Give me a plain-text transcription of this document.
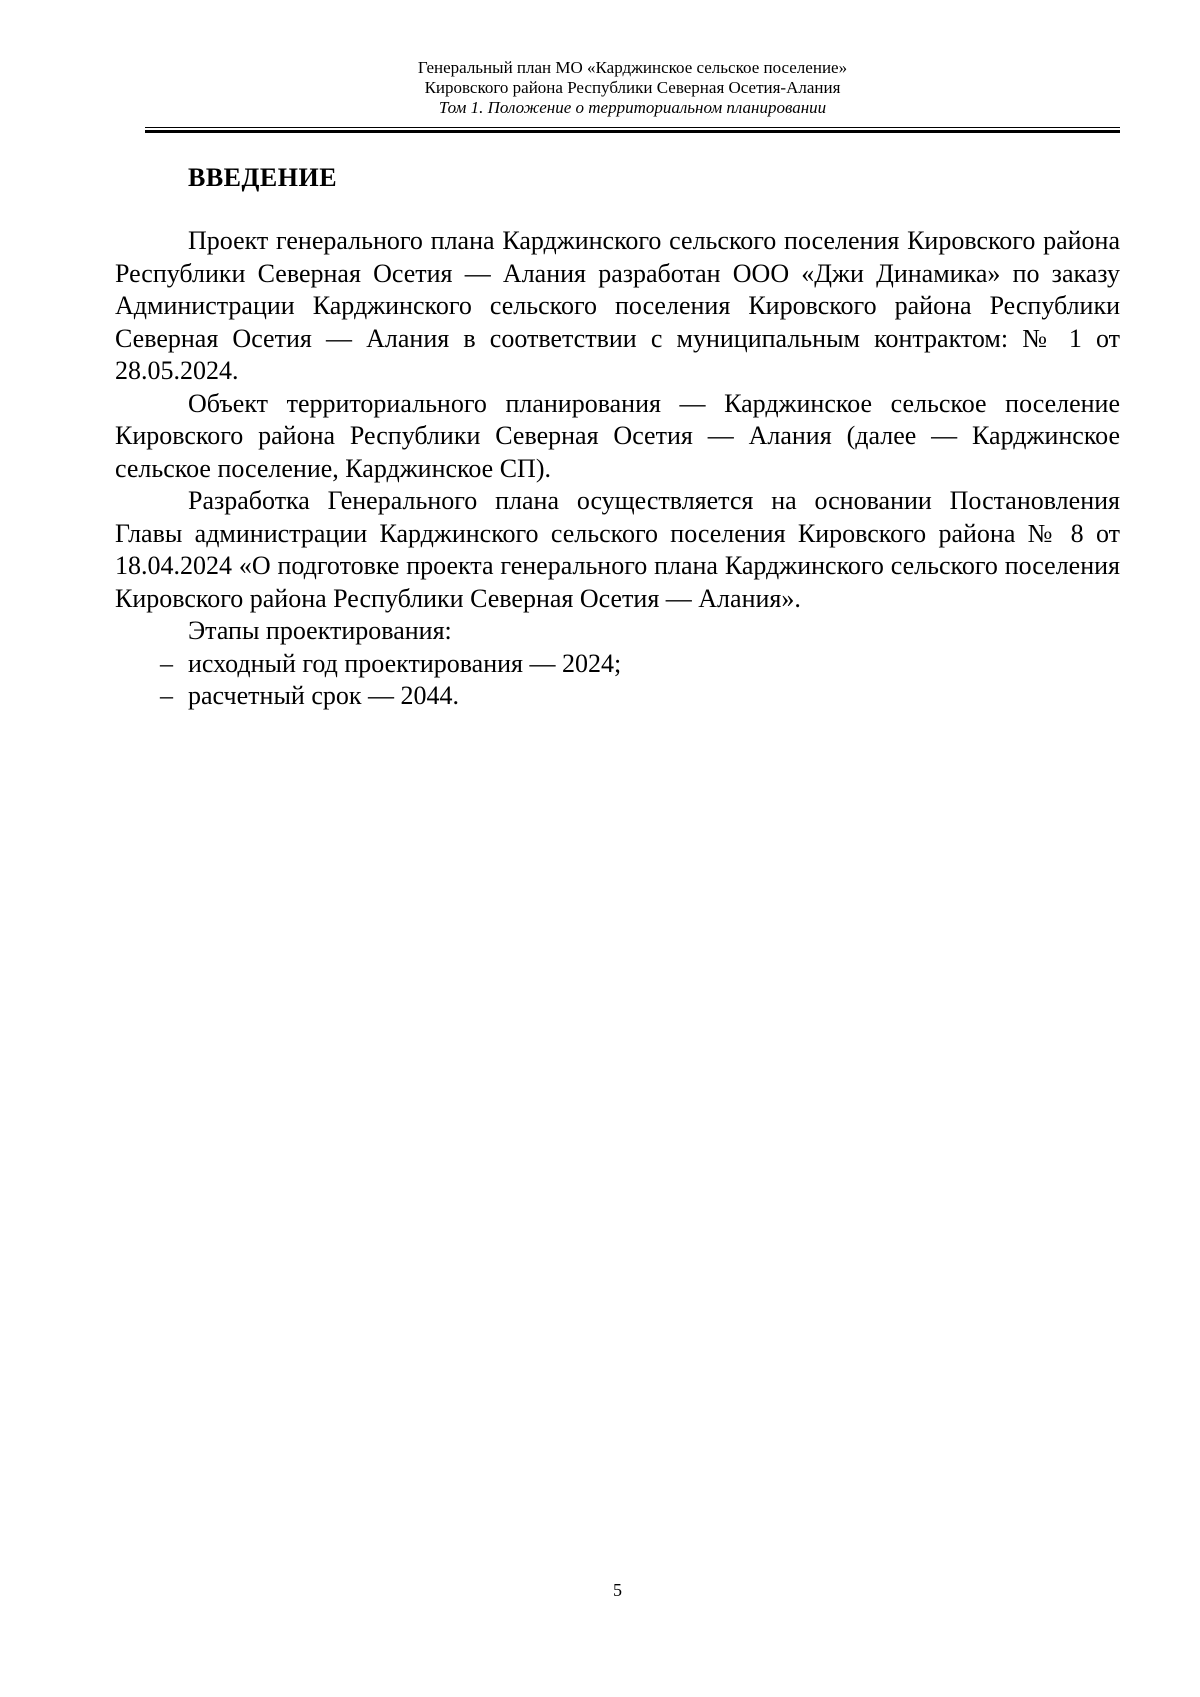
Генеральный план МО «Карджинское сельское поселение»
Кировского района Республики Северная Осетия-Алания
Том 1. Положение о территориальном планировании
ВВЕДЕНИЕ

Проект генерального плана Карджинского сельского поселения Кировского района Республики Северная Осетия — Алания разработан ООО «Джи Динамика» по заказу Администрации Карджинского сельского поселения Кировского района Республики Северная Осетия — Алания в соответствии с муниципальным контрактом: № 1 от 28.05.2024.

Объект территориального планирования — Карджинское сельское поселение Кировского района Республики Северная Осетия — Алания (далее — Карджинское сельское поселение, Карджинское СП).

Разработка Генерального плана осуществляется на основании Постановления Главы администрации Карджинского сельского поселения Кировского района № 8 от 18.04.2024 «О подготовке проекта генерального плана Карджинского сельского поселения Кировского района Республики Северная Осетия — Алания».

Этапы проектирования:

– исходный год проектирования — 2024;
– расчетный срок — 2044.
5
